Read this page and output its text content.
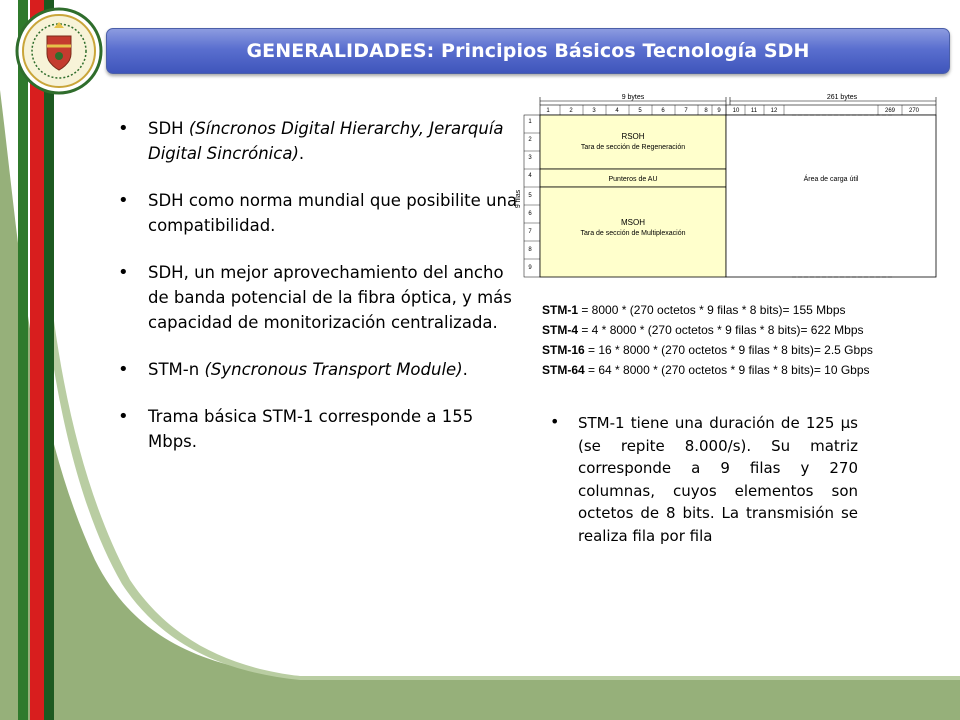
GENERALIDADES: Principios Básicos Tecnología SDH
• SDH (Síncronos Digital Hierarchy, Jerarquía Digital Sincrónica).
• SDH como norma mundial que posibilite una compatibilidad.
• SDH, un mejor aprovechamiento del ancho de banda potencial de la fibra óptica, y más capacidad de monitorización centralizada.
• STM-n (Syncronous Transport Module).
• Trama básica STM-1 corresponde a 155 Mbps.
9 bytes	261 bytes
1	2	3	4	5	6	7	8 9 10 11 12	269 270
9 filas
1
2
3
4
5
6
7
8
9
RSOH
Tara de sección de Regeneración
Punteros de AU
MSOH
Tara de sección de Multiplexación
Área de carga útil
STM-1 = 8000 * (270 octetos * 9 filas * 8 bits)= 155 Mbps
STM-4 = 4 * 8000 * (270 octetos * 9 filas * 8 bits)= 622 Mbps
STM-16 = 16 * 8000 * (270 octetos * 9 filas * 8 bits)= 2.5 Gbps
STM-64 = 64 * 8000 * (270 octetos * 9 filas * 8 bits)= 10 Gbps
• STM-1 tiene una duración de 125 µs (se repite 8.000/s). Su matriz corresponde a 9 filas y 270 columnas, cuyos elementos son octetos de 8 bits. La transmisión se realiza fila por fila
